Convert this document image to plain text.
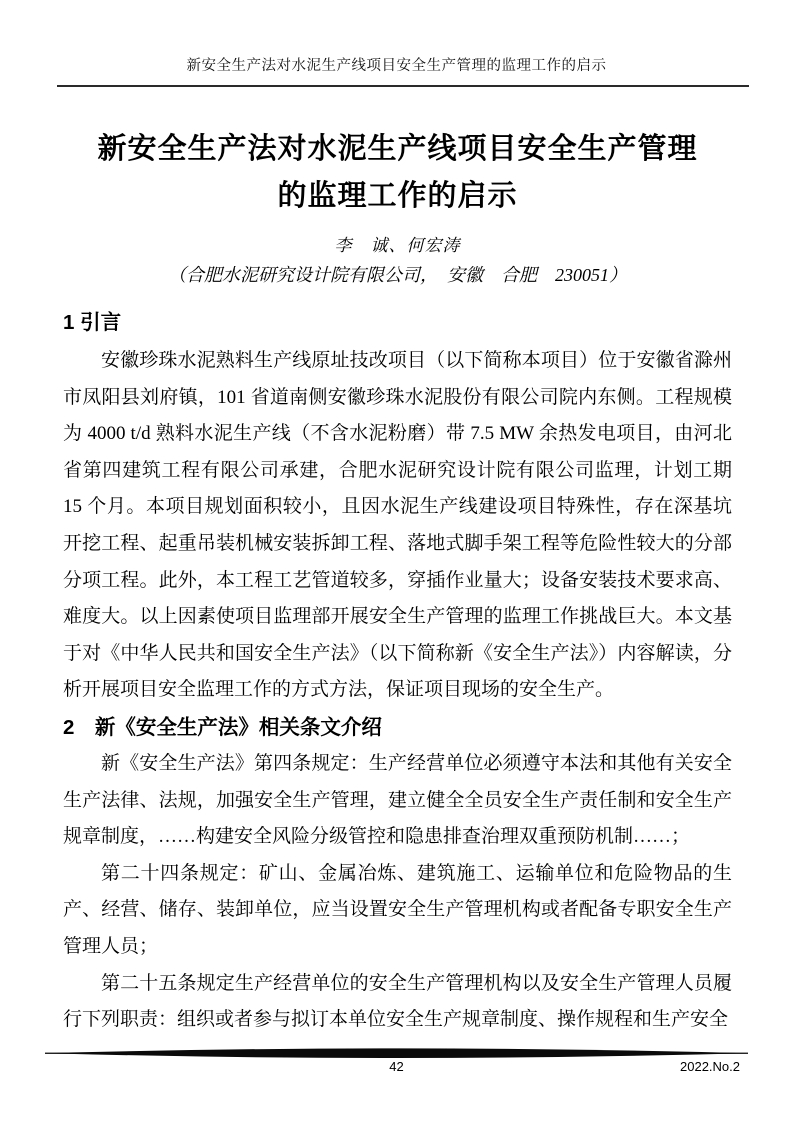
新安全生产法对水泥生产线项目安全生产管理的监理工作的启示
新安全生产法对水泥生产线项目安全生产管理
的监理工作的启示
李　诚、何宏涛
（合肥水泥研究设计院有限公司，　安徽　合肥　230051）
1 引言

安徽珍珠水泥熟料生产线原址技改项目（以下简称本项目）位于安徽省滁州市凤阳县刘府镇，101 省道南侧安徽珍珠水泥股份有限公司院内东侧。工程规模为 4000 t/d 熟料水泥生产线（不含水泥粉磨）带 7.5 MW 余热发电项目，由河北省第四建筑工程有限公司承建，合肥水泥研究设计院有限公司监理，计划工期 15 个月。本项目规划面积较小，且因水泥生产线建设项目特殊性，存在深基坑开挖工程、起重吊装机械安装拆卸工程、落地式脚手架工程等危险性较大的分部分项工程。此外，本工程工艺管道较多，穿插作业量大；设备安装技术要求高、难度大。以上因素使项目监理部开展安全生产管理的监理工作挑战巨大。本文基于对《中华人民共和国安全生产法》（以下简称新《安全生产法》）内容解读，分析开展项目安全监理工作的方式方法，保证项目现场的安全生产。

2　新《安全生产法》相关条文介绍

新《安全生产法》第四条规定：生产经营单位必须遵守本法和其他有关安全生产法律、法规，加强安全生产管理，建立健全全员安全生产责任制和安全生产规章制度，……构建安全风险分级管控和隐患排查治理双重预防机制……；

第二十四条规定：矿山、金属冶炼、建筑施工、运输单位和危险物品的生产、经营、储存、装卸单位，应当设置安全生产管理机构或者配备专职安全生产管理人员；

第二十五条规定生产经营单位的安全生产管理机构以及安全生产管理人员履行下列职责：组织或者参与拟订本单位安全生产规章制度、操作规程和生产安全

42	2022.No.2
